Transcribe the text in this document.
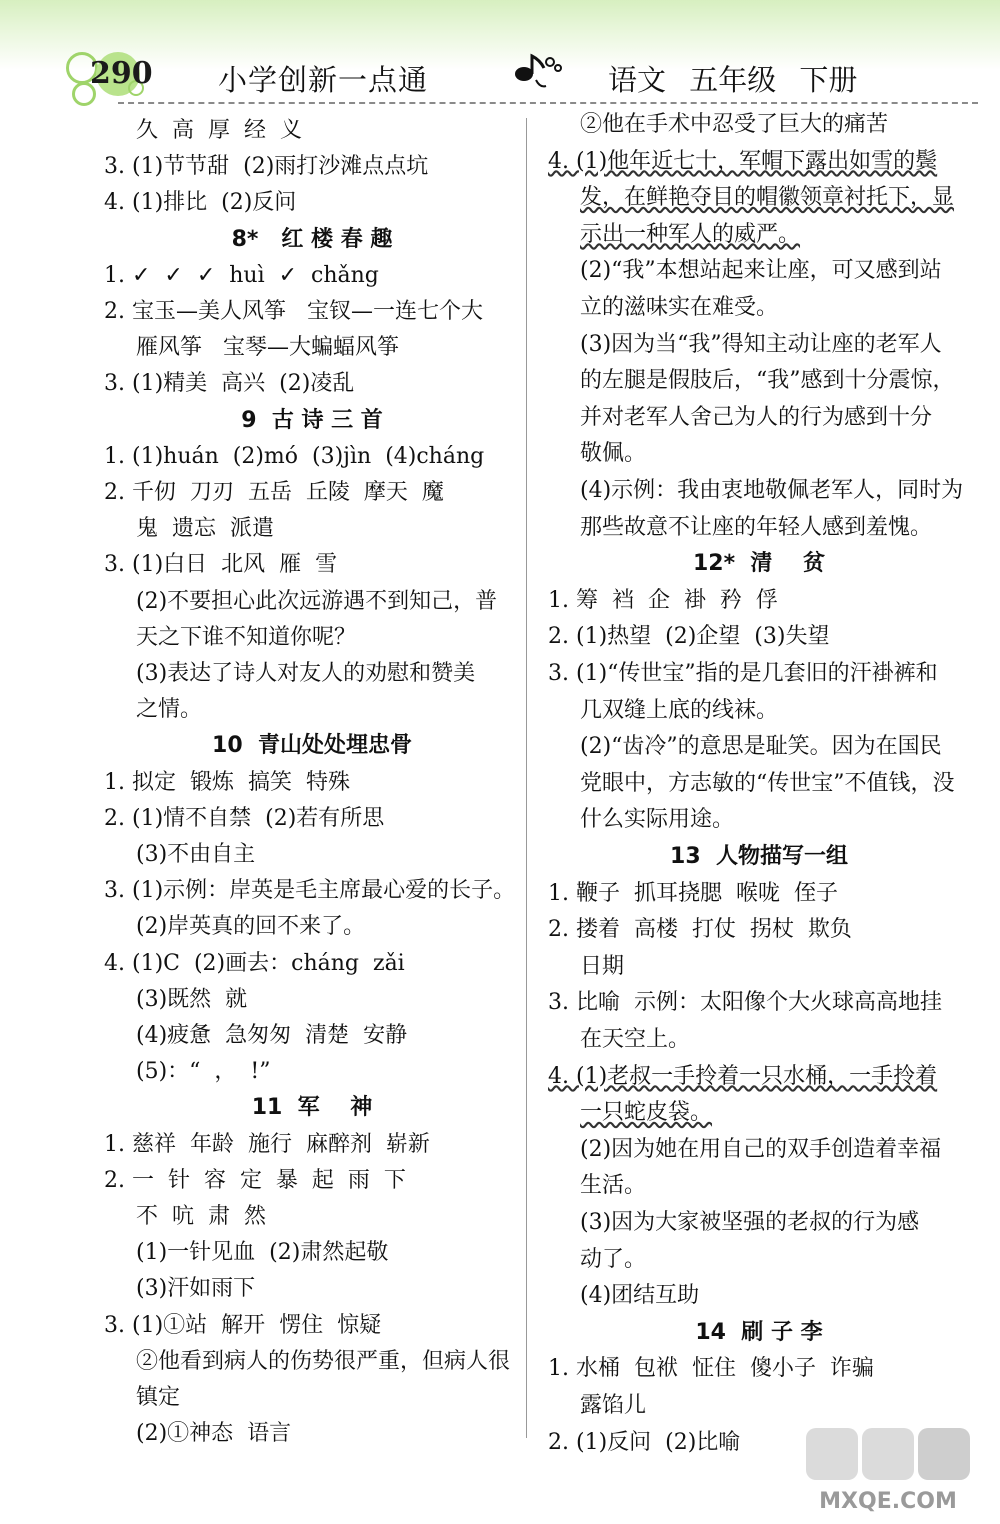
290 小学创新一点通	语文 五年级 下册
久  高  厚  经  义
3. (1)节节甜  (2)雨打沙滩点点坑
4. (1)排比  (2)反问
8*   红 楼 春 趣
1. ✓  ✓  ✓  huì  ✓  chǎng
2. 宝玉—美人风筝   宝钗—一连七个大
雁风筝   宝琴—大蝙蝠风筝
3. (1)精美  高兴  (2)凌乱
9  古 诗 三 首
1. (1)huán  (2)mó  (3)jìn  (4)cháng
2. 千仞  刀刃  五岳  丘陵  摩天  魔
鬼  遗忘  派遣
3. (1)白日  北风  雁  雪
(2)不要担心此次远游遇不到知己，普
天之下谁不知道你呢？
(3)表达了诗人对友人的劝慰和赞美
之情。
10  青山处处埋忠骨
1. 拟定  锻炼  搞笑  特殊
2. (1)情不自禁  (2)若有所思
(3)不由自主
3. (1)示例：岸英是毛主席最心爱的长子。
(2)岸英真的回不来了。
4. (1)C  (2)画去：cháng  zǎi
(3)既然  就
(4)疲惫  急匆匆  清楚  安静
(5)：“  ，  !”
11  军    神
1. 慈祥  年龄  施行  麻醉剂  崭新
2. 一  针  容  定  暴  起  雨  下
不  吭  肃  然
(1)一针见血  (2)肃然起敬
(3)汗如雨下
3. (1)①站  解开  愣住  惊疑
②他看到病人的伤势很严重，但病人很
镇定
(2)①神态  语言
②他在手术中忍受了巨大的痛苦
4. (1)他年近七十，军帽下露出如雪的鬓
发，在鲜艳夺目的帽徽领章衬托下，显
示出一种军人的威严。
(2)“我”本想站起来让座，可又感到站
立的滋味实在难受。
(3)因为当“我”得知主动让座的老军人
的左腿是假肢后，“我”感到十分震惊，
并对老军人舍己为人的行为感到十分
敬佩。
(4)示例：我由衷地敬佩老军人，同时为
那些故意不让座的年轻人感到羞愧。
12*  清    贫
1. 筹  裆  企  褂  矜  俘
2. (1)热望  (2)企望  (3)失望
3. (1)“传世宝”指的是几套旧的汗褂裤和
几双缝上底的线袜。
(2)“齿冷”的意思是耻笑。因为在国民
党眼中，方志敏的“传世宝”不值钱，没
什么实际用途。
13  人物描写一组
1. 鞭子  抓耳挠腮  喉咙  侄子
2. 搂着  高楼  打仗  拐杖  欺负
日期
3. 比喻  示例：太阳像个大火球高高地挂
在天空上。
4. (1)老叔一手拎着一只水桶，一手拎着
一只蛇皮袋。
(2)因为她在用自己的双手创造着幸福
生活。
(3)因为大家被坚强的老叔的行为感
动了。
(4)团结互助
14  刷 子 李
1. 水桶  包袱  怔住  傻小子  诈骗
露馅儿
2. (1)反问  (2)比喻
MXQE.COM
